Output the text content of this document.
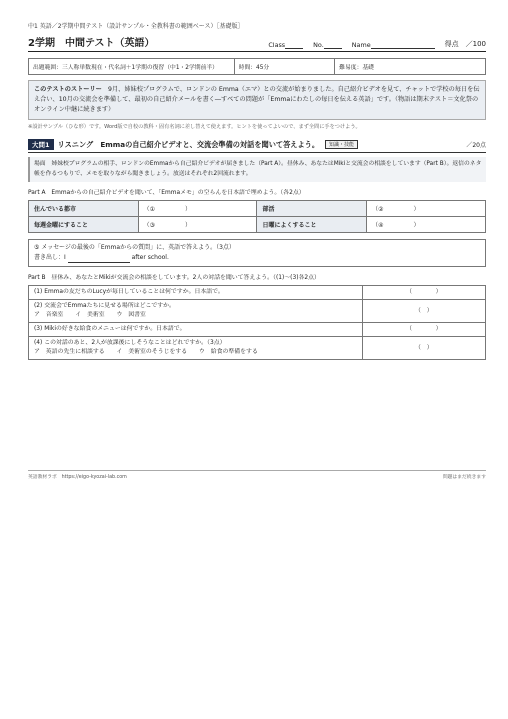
中1 英語／2学期中間テスト（設計サンプル・全教科書の範囲ベース）［基礎版］
2学期　中間テスト（英語）	Class	No.	Name	得点　 ／100
出題範囲：三人称単数現在・代名詞＋1学期の復習（中1・2学期前半）	時間：45分	難易度：基礎
このテストのストーリー　 9月、姉妹校プログラムで、ロンドンの Emma（エマ）との交流が始まりました。自己紹介ビデオを見て、チャットで学校の毎日を伝え合い、10月の交流会を準備して、最初の自己紹介メールを書く―すべての問題が「Emmaにわたしの毎日を伝える英語」です。（物語は期末テスト＝文化祭のオンライン中継に続きます）
※設計サンプル（ひな形）です。Word版で自校の教科・固有名詞に差し替えて使えます。ヒントを使ってよいので、まず全問に手をつけよう。
大問1	リスニング　Emmaの自己紹介ビデオと、交流会準備の対話を聞いて答えよう。	知識・技能	／20点
場面　姉妹校プログラムの相手、ロンドンのEmmaから自己紹介ビデオが届きました（Part A）。昼休み、あなたはMikiと交流会の相談をしています（Part B）。返信のネタ帳を作るつもりで、メモを取りながら聞きましょう。放送はそれぞれ2回流れます。
Part A　Emmaからの自己紹介ビデオを聞いて、「Emmaメモ」の空らんを日本語で埋めよう。（各2点）
住んでいる都市	（①　　　　　）	部活	（②　　　　　）
毎週金曜にすること	（③　　　　　）	日曜によくすること	（④　　　　　）
⑤ メッセージの最後の「Emmaからの質問」に、英語で答えよう。（3点）
書き出し：I	after school.
Part B　昼休み、あなたとMikiが交流会の相談をしています。2人の対話を聞いて答えよう。（(1)〜(3)各2点）
(1) Emmaの友だちのLucyが毎日していることは何ですか。日本語で。	（　　　　）

(2) 交流会でEmmaたちに見せる場所はどこですか。
ア　音楽室　　イ　美術室　　ウ　図書室	（　）
(3) Mikiの好きな給食のメニューは何ですか。日本語で。	（　　　　）

(4) この対話のあと、2人が放課後にしそうなことはどれですか。（3点）
ア　英語の先生に相談する　　イ　美術室のそうじをする　　ウ　給食の準備をする	（　）
英語教材ラボ　https://eigo-kyozai-lab.com	問題はまだ続きます
